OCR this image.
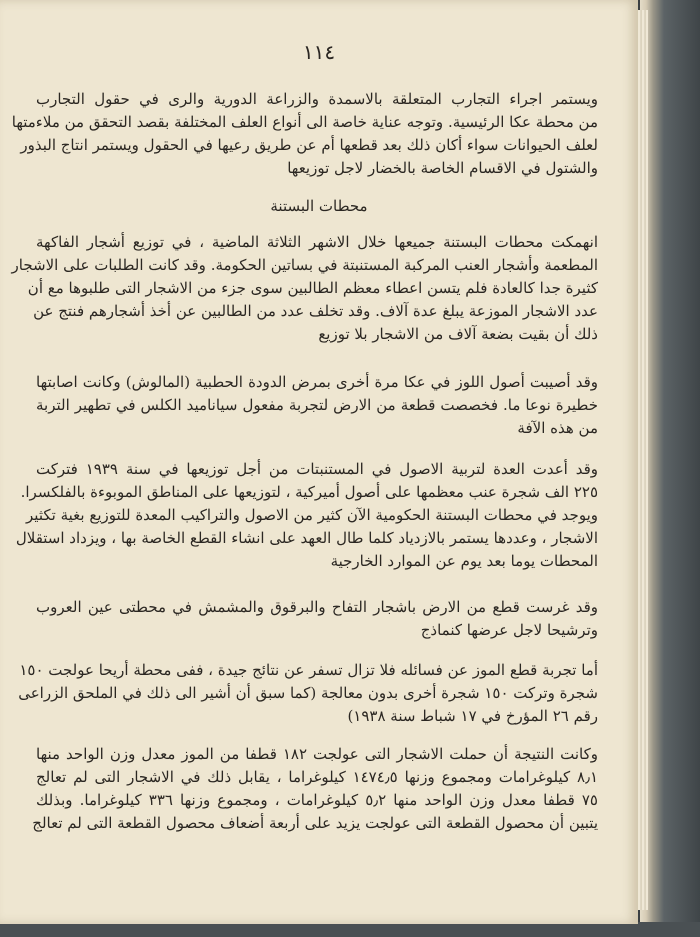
١١٤
ويستمر اجراء التجارب المتعلقة بالاسمدة والزراعة الدورية والرى في حقول التجارب
من محطة عكا الرئيسية. وتوجه عناية خاصة الى أنواع العلف المختلفة بقصد التحقق من ملاءمتها
لعلف الحيوانات سواء أكان ذلك بعد قطعها أم عن طريق رعيها في الحقول ويستمر انتاج البذور
والشتول في الاقسام الخاصة بالخضار لاجل توزيعها
محطات البستنة
انهمكت محطات البستنة جميعها خلال الاشهر الثلاثة الماضية ، في توزيع أشجار الفاكهة
المطعمة وأشجار العنب المركبة المستنبتة في بساتين الحكومة. وقد كانت الطلبات على الاشجار
كثيرة جدا كالعادة فلم يتسن اعطاء معظم الطالبين سوى جزء من الاشجار التى طلبوها مع أن
عدد الاشجار الموزعة يبلغ عدة آلاف. وقد تخلف عدد من الطالبين عن أخذ أشجارهم فنتج عن
ذلك أن بقيت بضعة آلاف من الاشجار بلا توزيع
وقد أصيبت أصول اللوز في عكا مرة أخرى بمرض الدودة الحطبية (المالوش) وكانت اصابتها
خطيرة نوعا ما. فخصصت قطعة من الارض لتجربة مفعول سيانامید الكلس في تطهير التربة
من هذه الآفة
وقد أعدت العدة لتربية الاصول في المستنبتات من أجل توزيعها في سنة ١٩٣٩ فتركت
٢٢٥ الف شجرة عنب معظمها على أصول أميركية ، لتوزيعها على المناطق الموبوءة بالفلكسرا.
ويوجد في محطات البستنة الحكومية الآن كثير من الاصول والتراكيب المعدة للتوزيع بغية تكثير
الاشجار ، وعددها يستمر بالازدياد كلما طال العهد على انشاء القطع الخاصة بها ، ويزداد استقلال
المحطات يوما بعد يوم عن الموارد الخارجية
وقد غرست قطع من الارض باشجار التفاح والبرقوق والمشمش في محطتى عين العروب
وترشيحا لاجل عرضها كنماذج
أما تجربة قطع الموز عن فسائله فلا تزال تسفر عن نتائج جيدة ، ففى محطة أريحا عولجت ١٥٠
شجرة وتركت ١٥٠ شجرة أخرى بدون معالجة (كما سبق أن أشير الى ذلك في الملحق الزراعى
رقم ٢٦ المؤرخ في ١٧ شباط سنة ١٩٣٨)
وكانت النتيجة أن حملت الاشجار التى عولجت ١٨٢ قطفا من الموز معدل وزن الواحد منها
٨٫١ كيلوغرامات ومجموع وزنها ١٤٧٤٫٥ كيلوغراما ، يقابل ذلك في الاشجار التى لم تعالج
٧٥ قطفا معدل وزن الواحد منها ٥٫٢ كيلوغرامات ، ومجموع وزنها ٣٣٦ كيلوغراما. وبذلك
يتبين أن محصول القطعة التى عولجت يزيد على أربعة أضعاف محصول القطعة التى لم تعالج
